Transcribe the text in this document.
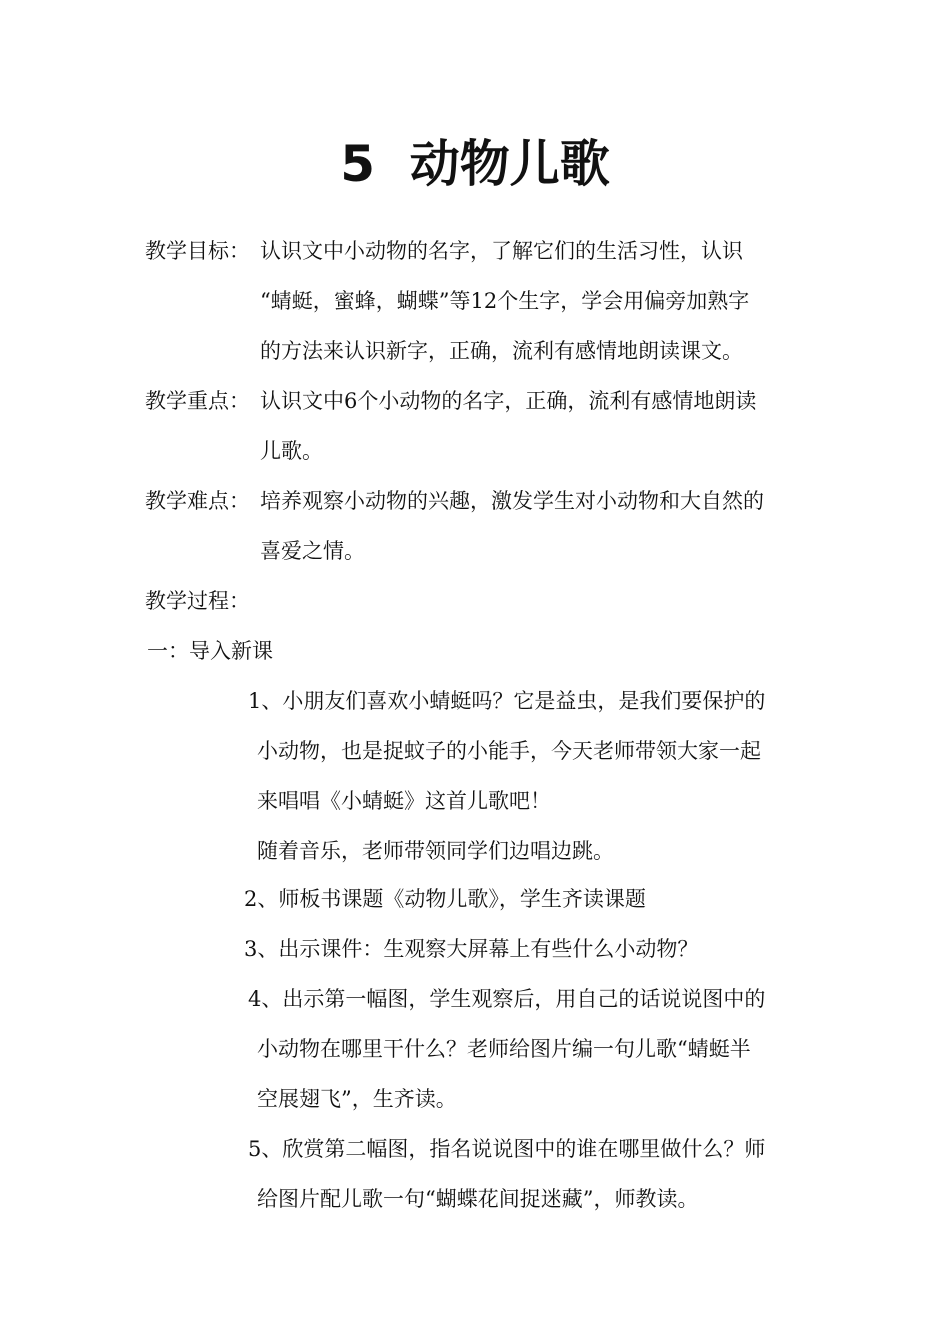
5  动物儿歌
教学目标： 认识文中小动物的名字，了解它们的生活习性，认识
“蜻蜓，蜜蜂，蝴蝶”等12个生字，学会用偏旁加熟字
的方法来认识新字，正确，流利有感情地朗读课文。
教学重点： 认识文中6个小动物的名字，正确，流利有感情地朗读
儿歌。
教学难点： 培养观察小动物的兴趣，激发学生对小动物和大自然的
喜爱之情。
教学过程：
一：导入新课
1、小朋友们喜欢小蜻蜓吗？它是益虫，是我们要保护的
小动物，也是捉蚊子的小能手，今天老师带领大家一起
来唱唱《小蜻蜓》这首儿歌吧！
随着音乐，老师带领同学们边唱边跳。
2、师板书课题《动物儿歌》，学生齐读课题
3、出示课件：生观察大屏幕上有些什么小动物？
4、出示第一幅图，学生观察后，用自己的话说说图中的
小动物在哪里干什么？老师给图片编一句儿歌“蜻蜓半
空展翅飞”，生齐读。
5、欣赏第二幅图，指名说说图中的谁在哪里做什么？师
给图片配儿歌一句“蝴蝶花间捉迷藏”，师教读。
